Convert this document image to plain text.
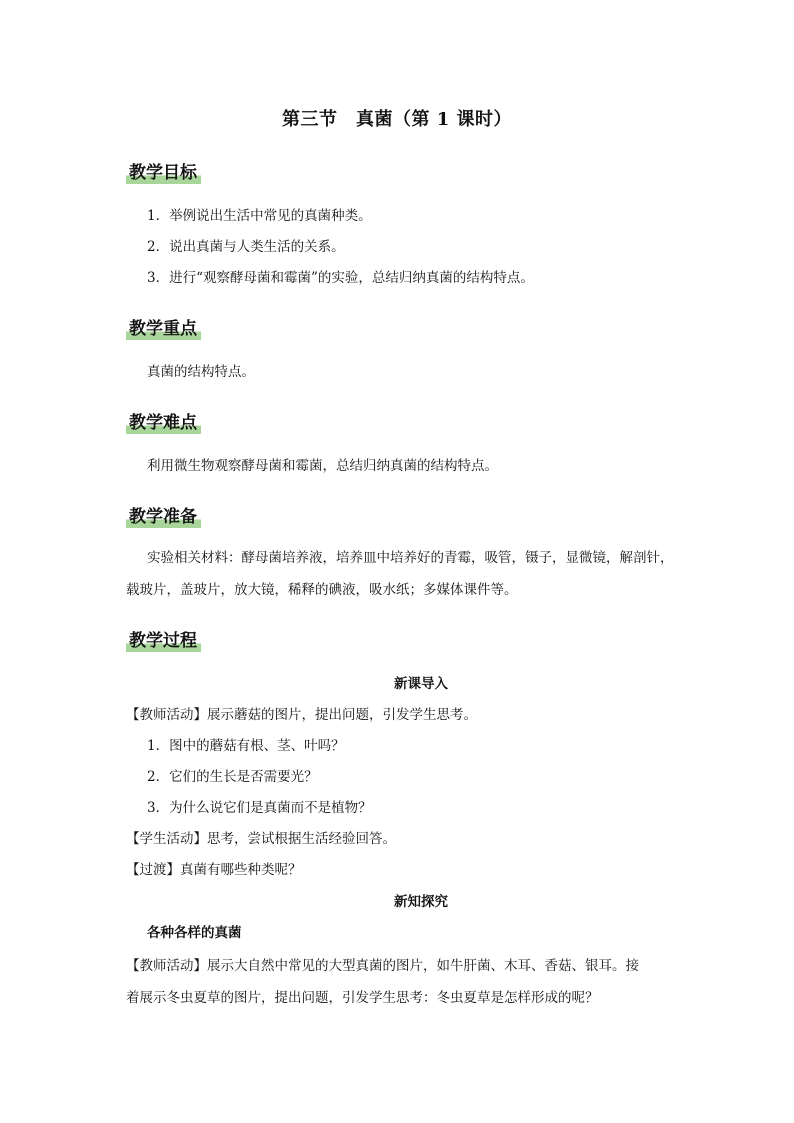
第三节　真菌（第 1 课时）
教学目标
1．举例说出生活中常见的真菌种类。
2．说出真菌与人类生活的关系。
3．进行“观察酵母菌和霉菌”的实验，总结归纳真菌的结构特点。
教学重点
真菌的结构特点。
教学难点
利用微生物观察酵母菌和霉菌，总结归纳真菌的结构特点。
教学准备
实验相关材料：酵母菌培养液，培养皿中培养好的青霉，吸管，镊子，显微镜，解剖针，
载玻片，盖玻片，放大镜，稀释的碘液，吸水纸；多媒体课件等。
教学过程
新课导入
【教师活动】展示蘑菇的图片，提出问题，引发学生思考。
1．图中的蘑菇有根、茎、叶吗？
2．它们的生长是否需要光？
3．为什么说它们是真菌而不是植物？
【学生活动】思考，尝试根据生活经验回答。
【过渡】真菌有哪些种类呢？
新知探究
各种各样的真菌
【教师活动】展示大自然中常见的大型真菌的图片，如牛肝菌、木耳、香菇、银耳。接
着展示冬虫夏草的图片，提出问题，引发学生思考：冬虫夏草是怎样形成的呢？
